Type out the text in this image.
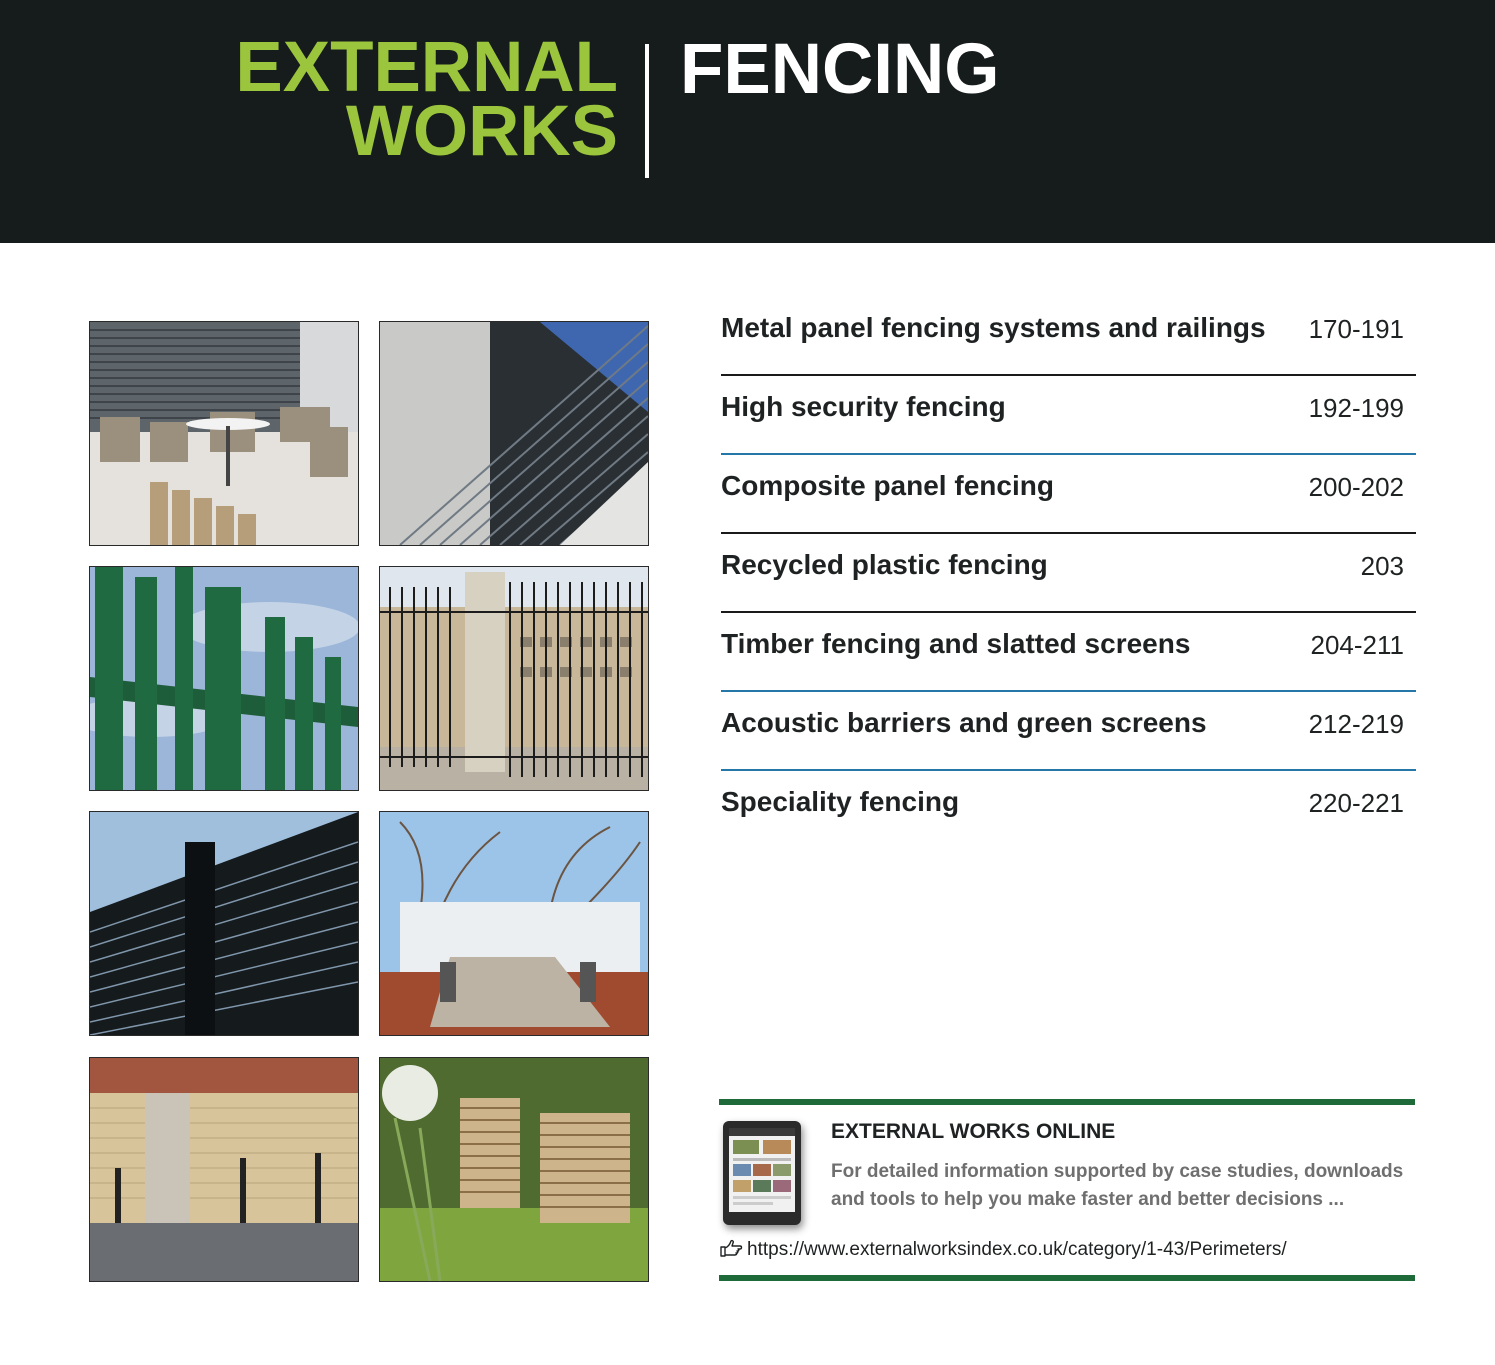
EXTERNAL
WORKS
FENCING
Metal panel fencing systems and railings 170-191
High security fencing	192-199
Composite panel fencing	200-202
Recycled plastic fencing	203
Timber fencing and slatted screens	204-211
Acoustic barriers and green screens	212-219
Speciality fencing	220-221
EXTERNAL WORKS ONLINE
For detailed information supported by case studies, downloads and tools to help you make faster and better decisions ...
https://www.externalworksindex.co.uk/category/1-43/Perimeters/
